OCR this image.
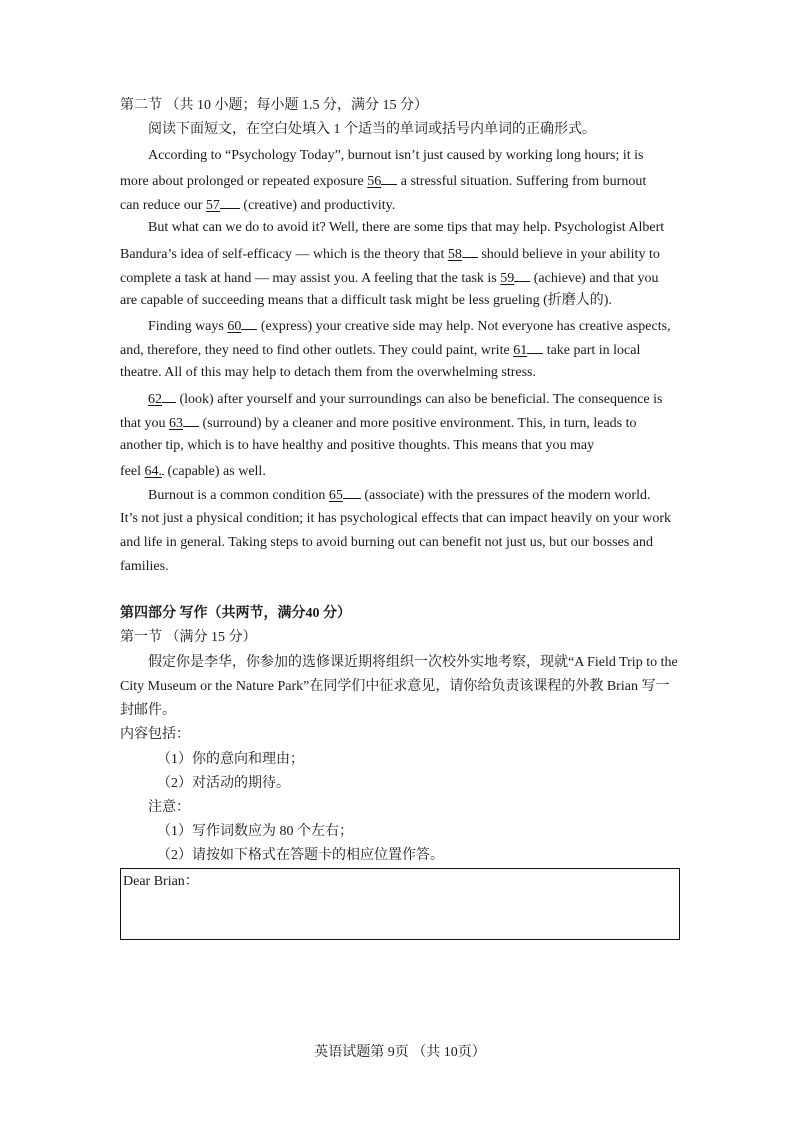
第二节 （共 10 小题；每小题 1.5 分，满分 15 分）
阅读下面短文，在空白处填入 1 个适当的单词或括号内单词的正确形式。
According to “Psychology Today”, burnout isn’t just caused by working long hours; it is
more about prolonged or repeated exposure 56 a stressful situation. Suffering from burnout
can reduce our 57 (creative) and productivity.
But what can we do to avoid it? Well, there are some tips that may help. Psychologist Albert
Bandura’s idea of self-efficacy — which is the theory that 58 should believe in your ability to
complete a task at hand — may assist you. A feeling that the task is 59 (achieve) and that you
are capable of succeeding means that a difficult task might be less grueling (折磨人的).
Finding ways 60 (express) your creative side may help. Not everyone has creative aspects,
and, therefore, they need to find other outlets. They could paint, write 61 take part in local
theatre. All of this may help to detach them from the overwhelming stress.
62 (look) after yourself and your surroundings can also be beneficial. The consequence is
that you 63 (surround) by a cleaner and more positive environment. This, in turn, leads to
another tip, which is to have healthy and positive thoughts. This means that you may
feel 64. (capable) as well.
Burnout is a common condition 65 (associate) with the pressures of the modern world.
It’s not just a physical condition; it has psychological effects that can impact heavily on your work
and life in general. Taking steps to avoid burning out can benefit not just us, but our bosses and
families.
第四部分 写作（共两节，满分40 分）
第一节 （满分 15 分）
假定你是李华，你参加的选修课近期将组织一次校外实地考察，现就“A Field Trip to the
City Museum or the Nature Park”在同学们中征求意见，请你给负责该课程的外教 Brian 写一
封邮件。
内容包括：
（1）你的意向和理由；
（2）对活动的期待。
注意：
（1）写作词数应为 80 个左右；
（2）请按如下格式在答题卡的相应位置作答。
Dear Brian：
英语试题第 9页 （共 10页）
